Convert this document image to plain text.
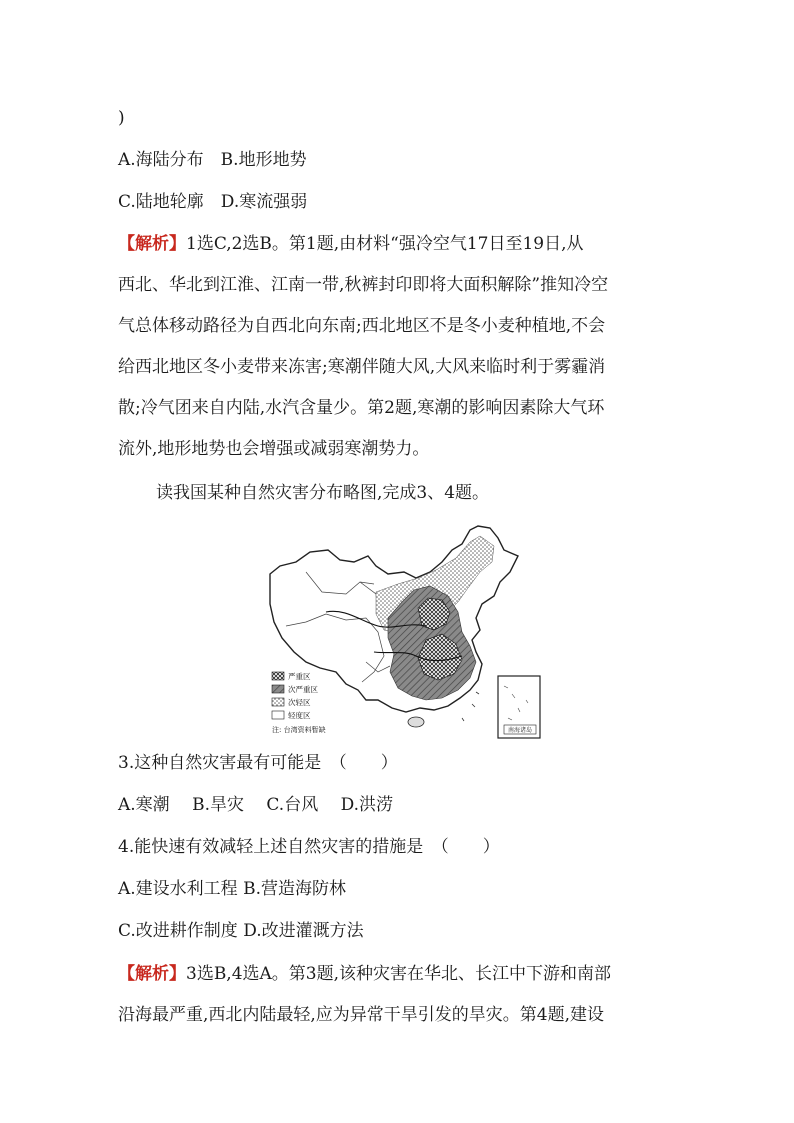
)
A.海陆分布　B.地形地势
C.陆地轮廓　D.寒流强弱
【解析】1选C,2选B。第1题,由材料“强冷空气17日至19日,从
西北、华北到江淮、江南一带,秋裤封印即将大面积解除”推知冷空
气总体移动路径为自西北向东南;西北地区不是冬小麦种植地,不会
给西北地区冬小麦带来冻害;寒潮伴随大风,大风来临时利于雾霾消
散;冷气团来自内陆,水汽含量少。第2题,寒潮的影响因素除大气环
流外,地形地势也会增强或减弱寒潮势力。
读我国某种自然灾害分布略图,完成3、4题。
南海诸岛
严重区
次严重区
次轻区
轻度区
注: 台湾资料暂缺
3.这种自然灾害最有可能是　（　　）
A.寒潮　 B.旱灾　 C.台风　 D.洪涝
4.能快速有效减轻上述自然灾害的措施是　（　　）
A.建设水利工程 B.营造海防林
C.改进耕作制度 D.改进灌溉方法
【解析】3选B,4选A。第3题,该种灾害在华北、长江中下游和南部
沿海最严重,西北内陆最轻,应为异常干旱引发的旱灾。第4题,建设
